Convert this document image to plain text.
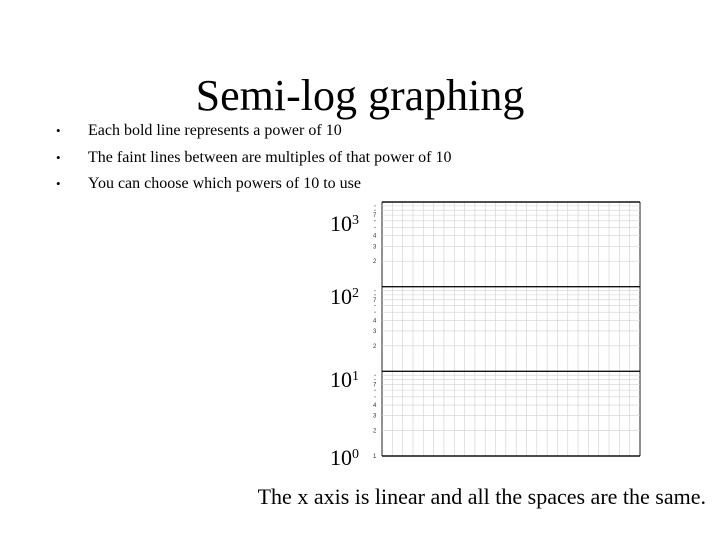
Semi-log graphing
• Each bold line represents a power of 10
• The faint lines between are multiples of that power of 10
• You can choose which powers of 10 to use
$10^3$
$10^2$
$10^1$
$10^0$
2
3
4
7
2
3
4
7
2
3
4
7
1
The x axis is linear and all the spaces are the same.
